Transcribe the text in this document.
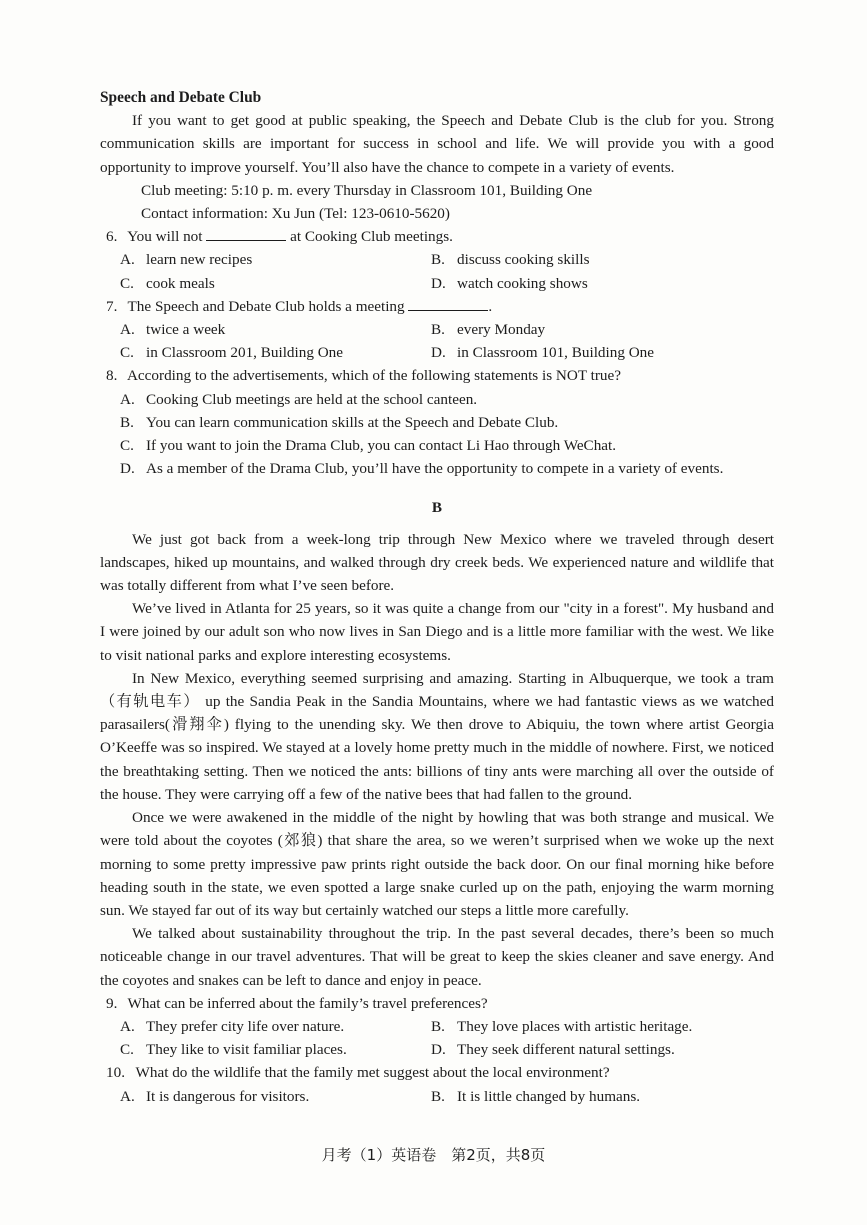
Speech and Debate Club

If you want to get good at public speaking, the Speech and Debate Club is the club for you. Strong communication skills are important for success in school and life. We will provide you with a good opportunity to improve yourself. You’ll also have the chance to compete in a variety of events.

Club meeting: 5:10 p. m. every Thursday in Classroom 101, Building One

Contact information: Xu Jun (Tel: 123-0610-5620)

6. You will not	at Cooking Club meetings.

A. learn new recipes	B. discuss cooking skills
C. cook meals	D. watch cooking shows

7. The Speech and Debate Club holds a meeting	.

A. twice a week	B. every Monday
C. in Classroom 201, Building One	D. in Classroom 101, Building One

8. According to the advertisements, which of the following statements is NOT true?

A. Cooking Club meetings are held at the school canteen.
B. You can learn communication skills at the Speech and Debate Club.
C. If you want to join the Drama Club, you can contact Li Hao through WeChat.
D. As a member of the Drama Club, you’ll have the opportunity to compete in a variety of events.
B

We just got back from a week-long trip through New Mexico where we traveled through desert landscapes, hiked up mountains, and walked through dry creek beds. We experienced nature and wildlife that was totally different from what I’ve seen before.

We’ve lived in Atlanta for 25 years, so it was quite a change from our "city in a forest". My husband and I were joined by our adult son who now lives in San Diego and is a little more familiar with the west. We like to visit national parks and explore interesting ecosystems.

In New Mexico, everything seemed surprising and amazing. Starting in Albuquerque, we took a tram（有轨电车） up the Sandia Peak in the Sandia Mountains, where we had fantastic views as we watched parasailers(滑翔伞) flying to the unending sky. We then drove to Abiquiu, the town where artist Georgia O’Keeffe was so inspired. We stayed at a lovely home pretty much in the middle of nowhere. First, we noticed the breathtaking setting. Then we noticed the ants: billions of tiny ants were marching all over the outside of the house. They were carrying off a few of the native bees that had fallen to the ground.

Once we were awakened in the middle of the night by howling that was both strange and musical. We were told about the coyotes (郊狼) that share the area, so we weren’t surprised when we woke up the next morning to some pretty impressive paw prints right outside the back door. On our final morning hike before heading south in the state, we even spotted a large snake curled up on the path, enjoying the warm morning sun. We stayed far out of its way but certainly watched our steps a little more carefully.

We talked about sustainability throughout the trip. In the past several decades, there’s been so much noticeable change in our travel adventures. That will be great to keep the skies cleaner and save energy. And the coyotes and snakes can be left to dance and enjoy in peace.

9. What can be inferred about the family’s travel preferences?

A. They prefer city life over nature.	B. They love places with artistic heritage.
C. They like to visit familiar places.	D. They seek different natural settings.

10. What do the wildlife that the family met suggest about the local environment?

A. It is dangerous for visitors.	B. It is little changed by humans.
月考（1）英语卷　第2页，共8页
